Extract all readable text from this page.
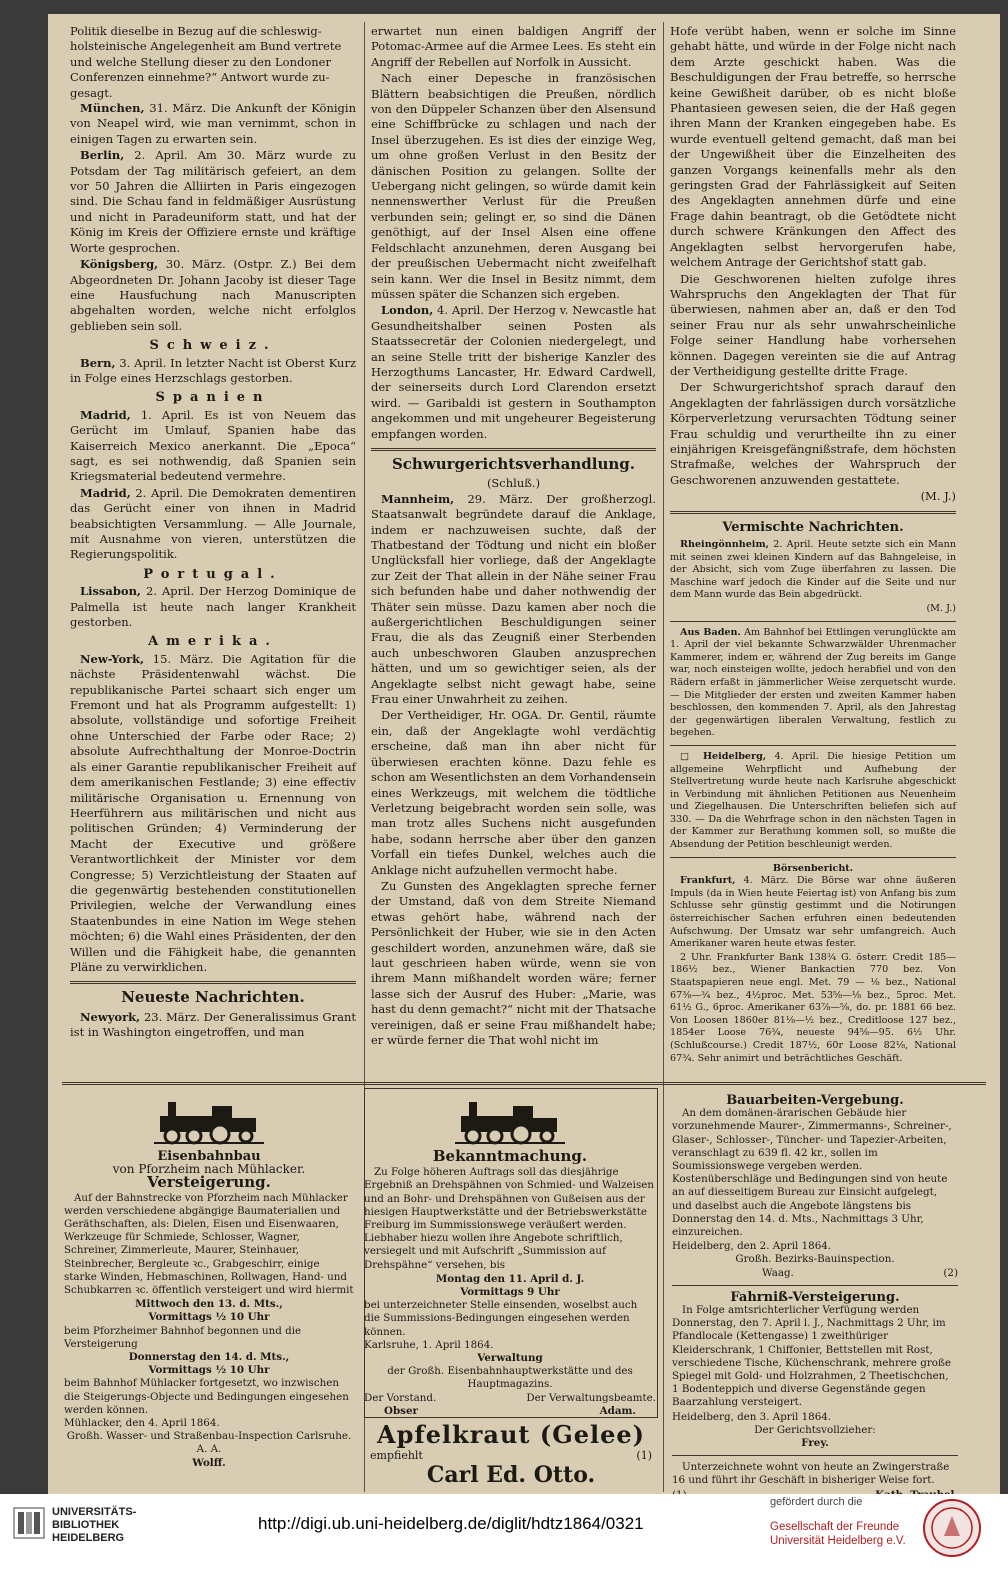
Politik dieselbe in Bezug auf die schleswig-
holsteinische Angelegenheit am Bund vertrete
und welche Stellung dieser zu den Londoner
Conferenzen einnehme?“ Antwort wurde zu-
gesagt.

München, 31. März. Die Ankunft der Königin von Neapel wird, wie man vernimmt, schon in einigen Tagen zu erwarten sein.

Berlin, 2. April. Am 30. März wurde zu Potsdam der Tag militärisch gefeiert, an dem vor 50 Jahren die Alliirten in Paris eingezogen sind. Die Schau fand in feldmäßiger Ausrüstung und nicht in Paradeuniform statt, und hat der König im Kreis der Offiziere ernste und kräftige Worte gesprochen.

Königsberg, 30. März. (Ostpr. Z.) Bei dem Abgeordneten Dr. Johann Jacoby ist dieser Tage eine Hausfuchung nach Manuscripten abgehalten worden, welche nicht erfolglos geblieben sein soll.

Schweiz.

Bern, 3. April. In letzter Nacht ist Oberst Kurz in Folge eines Herzschlags gestorben.

Spanien

Madrid, 1. April. Es ist von Neuem das Gerücht im Umlauf, Spanien habe das Kaiserreich Mexico anerkannt. Die „Epoca“ sagt, es sei nothwendig, daß Spanien sein Kriegsmaterial bedeutend vermehre.

Madrid, 2. April. Die Demokraten dementiren das Gerücht einer von ihnen in Madrid beabsichtigten Versammlung. — Alle Journale, mit Ausnahme von vieren, unterstützen die Regierungspolitik.

Portugal.

Lissabon, 2. April. Der Herzog Dominique de Palmella ist heute nach langer Krankheit gestorben.

Amerika.

New-York, 15. März. Die Agitation für die nächste Präsidentenwahl wächst. Die republikanische Partei schaart sich enger um Fremont und hat als Programm aufgestellt: 1) absolute, vollständige und sofortige Freiheit ohne Unterschied der Farbe oder Race; 2) absolute Aufrechthaltung der Monroe-Doctrin als einer Garantie republikanischer Freiheit auf dem amerikanischen Festlande; 3) eine effectiv militärische Organisation u. Ernennung von Heerführern aus militärischen und nicht aus politischen Gründen; 4) Verminderung der Macht der Executive und größere Verantwortlichkeit der Minister vor dem Congresse; 5) Verzichtleistung der Staaten auf die gegenwärtig bestehenden constitutionellen Privilegien, welche der Verwandlung eines Staatenbundes in eine Nation im Wege stehen möchten; 6) die Wahl eines Präsidenten, der den Willen und die Fähigkeit habe, die genannten Pläne zu verwirklichen.

Neueste Nachrichten.

Newyork, 23. März. Der Generalissimus Grant ist in Washington eingetroffen, und man

erwartet nun einen baldigen Angriff der Potomac-Armee auf die Armee Lees. Es steht ein Angriff der Rebellen auf Norfolk in Aussicht.

Nach einer Depesche in französischen Blättern beabsichtigen die Preußen, nördlich von den Düppeler Schanzen über den Alsensund eine Schiffbrücke zu schlagen und nach der Insel überzugehen. Es ist dies der einzige Weg, um ohne großen Verlust in den Besitz der dänischen Position zu gelangen. Sollte der Uebergang nicht gelingen, so würde damit kein nennenswerther Verlust für die Preußen verbunden sein; gelingt er, so sind die Dänen genöthigt, auf der Insel Alsen eine offene Feldschlacht anzunehmen, deren Ausgang bei der preußischen Uebermacht nicht zweifelhaft sein kann. Wer die Insel in Besitz nimmt, dem müssen später die Schanzen sich ergeben.

London, 4. April. Der Herzog v. Newcastle hat Gesundheitshalber seinen Posten als Staatssecretär der Colonien niedergelegt, und an seine Stelle tritt der bisherige Kanzler des Herzogthums Lancaster, Hr. Edward Cardwell, der seinerseits durch Lord Clarendon ersetzt wird. — Garibaldi ist gestern in Southampton angekommen und mit ungeheurer Begeisterung empfangen worden.

Schwurgerichtsverhandlung.
(Schluß.)

Mannheim, 29. März. Der großherzogl. Staatsanwalt begründete darauf die Anklage, indem er nachzuweisen suchte, daß der Thatbestand der Tödtung und nicht ein bloßer Unglücksfall hier vorliege, daß der Angeklagte zur Zeit der That allein in der Nähe seiner Frau sich befunden habe und daher nothwendig der Thäter sein müsse. Dazu kamen aber noch die außergerichtlichen Beschuldigungen seiner Frau, die als das Zeugniß einer Sterbenden auch unbeschworen Glauben anzusprechen hätten, und um so gewichtiger seien, als der Angeklagte selbst nicht gewagt habe, seine Frau einer Unwahrheit zu zeihen.

Der Vertheidiger, Hr. OGA. Dr. Gentil, räumte ein, daß der Angeklagte wohl verdächtig erscheine, daß man ihn aber nicht für überwiesen erachten könne. Dazu fehle es schon am Wesentlichsten an dem Vorhandensein eines Werkzeugs, mit welchem die tödtliche Verletzung beigebracht worden sein solle, was man trotz alles Suchens nicht ausgefunden habe, sodann herrsche aber über den ganzen Vorfall ein tiefes Dunkel, welches auch die Anklage nicht aufzuhellen vermocht habe.

Zu Gunsten des Angeklagten spreche ferner der Umstand, daß von dem Streite Niemand etwas gehört habe, während nach der Persönlichkeit der Huber, wie sie in den Acten geschildert worden, anzunehmen wäre, daß sie laut geschrieen haben würde, wenn sie von ihrem Mann mißhandelt worden wäre; ferner lasse sich der Ausruf des Huber: „Marie, was hast du denn gemacht?“ nicht mit der Thatsache vereinigen, daß er seine Frau mißhandelt habe; er würde ferner die That wohl nicht im

Hofe verübt haben, wenn er solche im Sinne gehabt hätte, und würde in der Folge nicht nach dem Arzte geschickt haben. Was die Beschuldigungen der Frau betreffe, so herrsche keine Gewißheit darüber, ob es nicht bloße Phantasieen gewesen seien, die der Haß gegen ihren Mann der Kranken eingegeben habe. Es wurde eventuell geltend gemacht, daß man bei der Ungewißheit über die Einzelheiten des ganzen Vorgangs keinenfalls mehr als den geringsten Grad der Fahrlässigkeit auf Seiten des Angeklagten annehmen dürfe und eine Frage dahin beantragt, ob die Getödtete nicht durch schwere Kränkungen den Affect des Angeklagten selbst hervorgerufen habe, welchem Antrage der Gerichtshof statt gab.

Die Geschworenen hielten zufolge ihres Wahrspruchs den Angeklagten der That für überwiesen, nahmen aber an, daß er den Tod seiner Frau nur als sehr unwahrscheinliche Folge seiner Handlung habe vorhersehen können. Dagegen vereinten sie die auf Antrag der Vertheidigung gestellte dritte Frage.

Der Schwurgerichtshof sprach darauf den Angeklagten der fahrlässigen durch vorsätzliche Körperverletzung verursachten Tödtung seiner Frau schuldig und verurtheilte ihn zu einer einjährigen Kreisgefängnißstrafe, dem höchsten Strafmaße, welches der Wahrspruch der Geschworenen anzuwenden gestattete.

(M. J.)
Vermischte Nachrichten.

Rheingönnheim, 2. April. Heute setzte sich ein Mann mit seinen zwei kleinen Kindern auf das Bahngeleise, in der Absicht, sich vom Zuge überfahren zu lassen. Die Maschine warf jedoch die Kinder auf die Seite und nur dem Mann wurde das Bein abgedrückt.

(M. J.)

Aus Baden. Am Bahnhof bei Ettlingen verunglückte am 1. April der viel bekannte Schwarzwälder Uhrenmacher Kammerer, indem er, während der Zug bereits im Gange war, noch einsteigen wollte, jedoch herabfiel und von den Rädern erfaßt in jämmerlicher Weise zerquetscht wurde. — Die Mitglieder der ersten und zweiten Kammer haben beschlossen, den kommenden 7. April, als den Jahrestag der gegenwärtigen liberalen Verwaltung, festlich zu begehen.

□ Heidelberg, 4. April. Die hiesige Petition um allgemeine Wehrpflicht und Aufhebung der Stellvertretung wurde heute nach Karlsruhe abgeschickt in Verbindung mit ähnlichen Petitionen aus Neuenheim und Ziegelhausen. Die Unterschriften beliefen sich auf 330. — Da die Wehrfrage schon in den nächsten Tagen in der Kammer zur Berathung kommen soll, so mußte die Absendung der Petition beschleunigt werden.

Börsenbericht.

Frankfurt, 4. März. Die Börse war ohne äußeren Impuls (da in Wien heute Feiertag ist) von Anfang bis zum Schlusse sehr günstig gestimmt und die Notirungen österreichischer Sachen erfuhren einen bedeutenden Aufschwung. Der Umsatz war sehr umfangreich. Auch Amerikaner waren heute etwas fester.

2 Uhr. Frankfurter Bank 138¾ G. österr. Credit 185—186½ bez., Wiener Bankactien 770 bez. Von Staatspapieren neue engl. Met. 79 — ⅛ bez., National 67⅜—¾ bez., 4½proc. Met. 53⅝—⅛ bez., 5proc. Met. 61½ G., 6proc. Amerikaner 63⅞—⅝, do. pr. 1881 66 bez. Von Loosen 1860er 81⅛—½ bez., Creditloose 127 bez., 1854er Loose 76¾, neueste 94⅝—95. 6½ Uhr. (Schlußcourse.) Credit 187½, 60r Loose 82⅛, National 67¾. Sehr animirt und beträchtliches Geschäft.

Eisenbahnbau
von Pforzheim nach Mühlacker.
Versteigerung.

Auf der Bahnstrecke von Pforzheim nach Mühlacker werden verschiedene abgängige Baumaterialien und Geräthschaften, als: Dielen, Eisen und Eisenwaaren, Werkzeuge für Schmiede, Schlosser, Wagner, Schreiner, Zimmerleute, Maurer, Steinhauer, Steinbrecher, Bergleute ꝛc., Grabgeschirr, einige starke Winden, Hebmaschinen, Rollwagen, Hand- und Schubkarren ꝛc. öffentlich versteigert und wird hiermit

Mittwoch den 13. d. Mts.,
Vormittags ½ 10 Uhr
beim Pforzheimer Bahnhof begonnen und die Versteigerung
Donnerstag den 14. d. Mts.,
Vormittags ½ 10 Uhr
beim Bahnhof Mühlacker fortgesetzt, wo inzwischen die Steigerungs-Objecte und Bedingungen eingesehen werden können.
Mühlacker, den 4. April 1864.
Großh. Wasser- und Straßenbau-Inspection Carlsruhe.
A. A.
Wolff.
Bekanntmachung.

Zu Folge höheren Auftrags soll das diesjährige Ergebniß an Drehspähnen von Schmied- und Walzeisen und an Bohr- und Drehspähnen von Gußeisen aus der hiesigen Hauptwerkstätte und der Betriebswerkstätte Freiburg im Summissionswege veräußert werden. Liebhaber hiezu wollen ihre Angebote schriftlich, versiegelt und mit Aufschrift „Summission auf Drehspähne“ versehen, bis

Montag den 11. April d. J.
Vormittags 9 Uhr
bei unterzeichneter Stelle einsenden, woselbst auch die Summissions-Bedingungen eingesehen werden können.
Karlsruhe, 1. April 1864.
Verwaltung
der Großh. Eisenbahnhauptwerkstätte und des Hauptmagazins.
Der Vorstand.	Der Verwaltungsbeamte.
Obser	Adam.
Apfelkraut (Gelee)
empfiehlt	(1)
Carl Ed. Otto.
Bauarbeiten-Vergebung.

An dem domänen-ärarischen Gebäude hier vorzunehmende Maurer-, Zimmermanns-, Schreiner-, Glaser-, Schlosser-, Tüncher- und Tapezier-Arbeiten, veranschlagt zu 639 fl. 42 kr., sollen im Soumissionswege vergeben werden. Kostenüberschläge und Bedingungen sind von heute an auf diesseitigem Bureau zur Einsicht aufgelegt, und daselbst auch die Angebote längstens bis Donnerstag den 14. d. Mts., Nachmittags 3 Uhr, einzureichen.

Heidelberg, den 2. April 1864.
Großh. Bezirks-Bauinspection.
Waag.	(2)
Fahrniß-Versteigerung.

In Folge amtsrichterlicher Verfügung werden Donnerstag, den 7. April l. J., Nachmittags 2 Uhr, im Pfandlocale (Kettengasse) 1 zweithüriger Kleiderschrank, 1 Chiffonier, Bettstellen mit Rost, verschiedene Tische, Küchenschrank, mehrere große Spiegel mit Gold- und Holzrahmen, 2 Theetischchen, 1 Bodenteppich und diverse Gegenstände gegen Baarzahlung versteigert.

Heidelberg, den 3. April 1864.
Der Gerichtsvollzieher:
Frey.

Unterzeichnete wohnt von heute an Zwingerstraße 16 und führt ihr Geschäft in bisheriger Weise fort.

UNIVERSITÄTS-
BIBLIOTHEK
HEIDELBERG
http://digi.ub.uni-heidelberg.de/diglit/hdtz1864/0321
gefördert durch die
Gesellschaft der Freunde
Universität Heidelberg e.V.
